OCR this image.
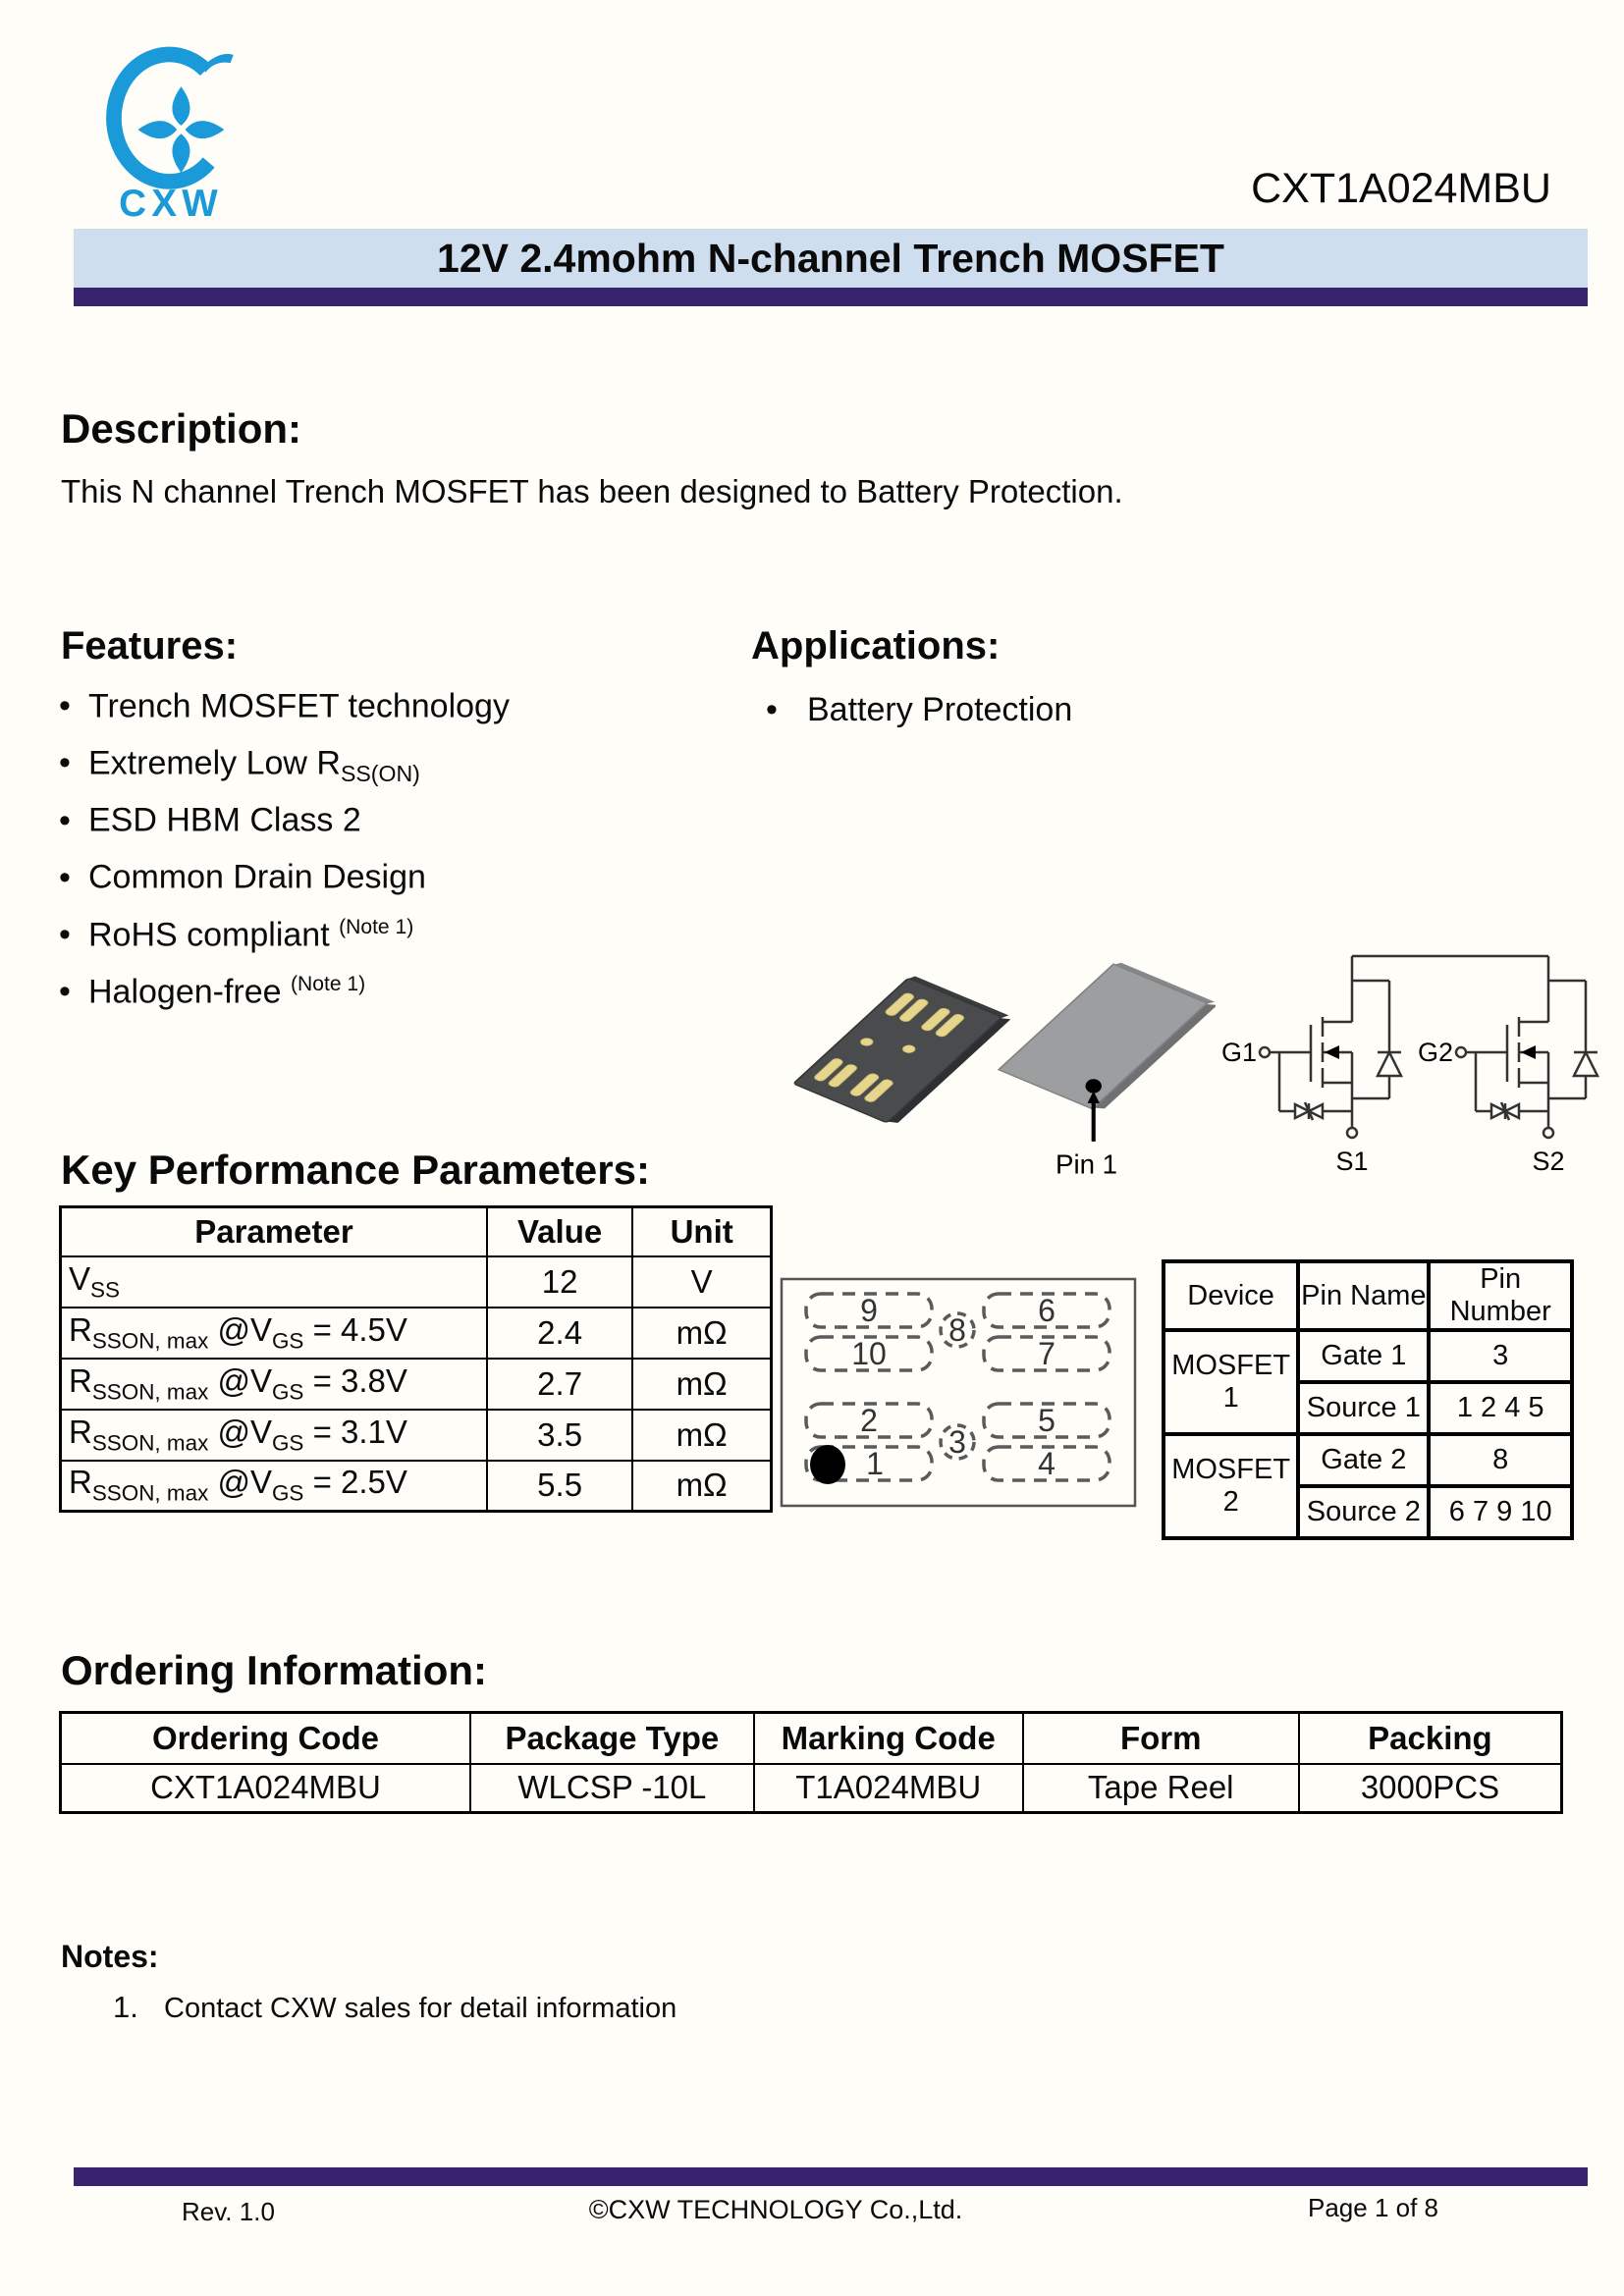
CXW	CXT1A024MBU
12V 2.4mohm N-channel Trench MOSFET
Description:
This N channel Trench MOSFET has been designed to Battery Protection.
Features:
• Trench MOSFET technology
• Extremely Low $R_{SS(ON)}$
• ESD HBM Class 2
• Common Drain Design
• RoHS compliant $^{(Note 1)}$
• Halogen-free $^{(Note 1)}$
Applications:
• Battery Protection
Pin 1
G1	G2
S1	S2
Key Performance Parameters:
Parameter	Value	Unit
$V_{SS}$	12	V
$R_{SSON, max}$ $@V_{GS} = 4.5V$	2.4	mΩ
$R_{SSON, max}$ $@V_{GS} = 3.8V$	2.7	mΩ
$R_{SSON, max}$ $@V_{GS} = 3.1V$	3.5	mΩ
$R_{SSON, max}$ $@V_{GS} = 2.5V$	5.5	mΩ
9
10
2
1
6
7
5
4
8
3
Device	Pin Name	Pin Number
MOSFET 1	Gate 1	3
	Source 1	1 2 4 5
MOSFET 2	Gate 2	8
	Source 2	6 7 9 10
Ordering Information:
Ordering Code	Package Type	Marking Code	Form	Packing
CXT1A024MBU	WLCSP -10L	T1A024MBU	Tape Reel	3000PCS
Notes:
1. Contact CXW sales for detail information
Rev. 1.0	©CXW TECHNOLOGY Co.,Ltd.	Page 1 of 8
